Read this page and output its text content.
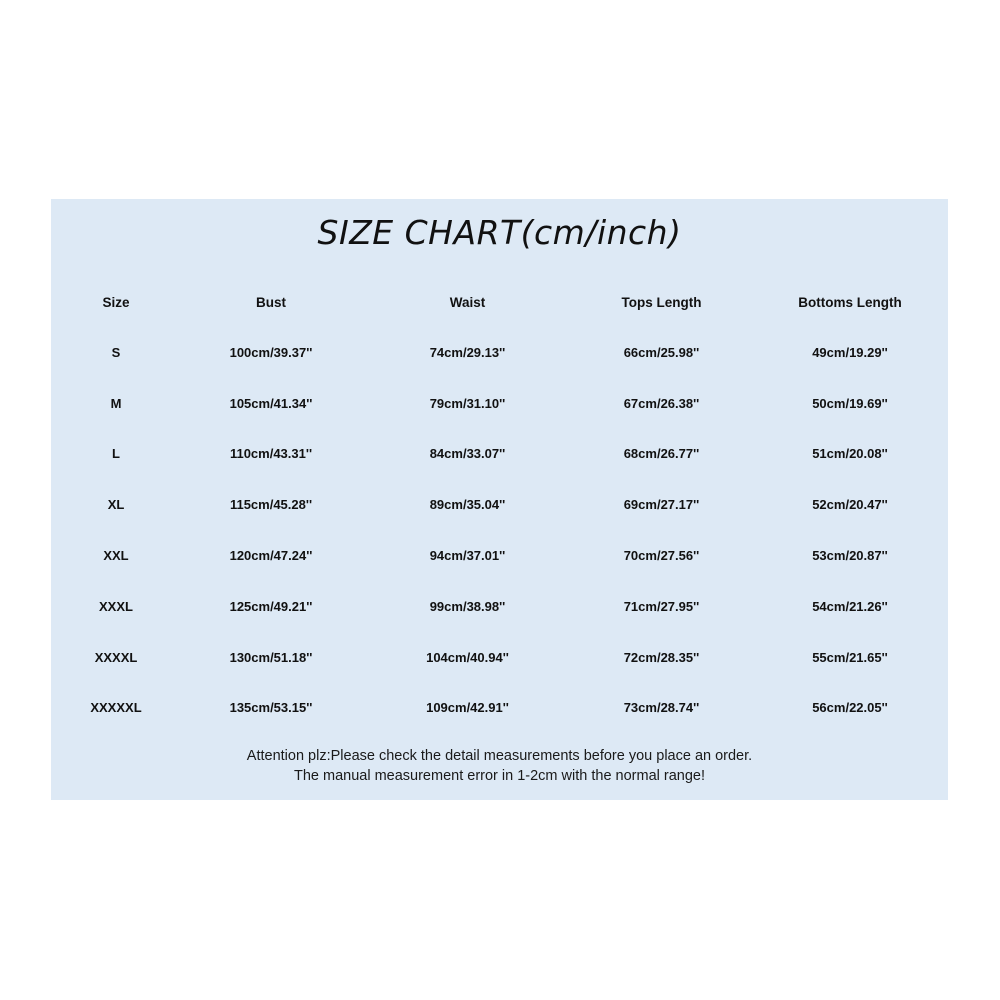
SIZE CHART(cm/inch)
Size	Bust	Waist	Tops Length	Bottoms Length
S	100cm/39.37''	74cm/29.13''	66cm/25.98''	49cm/19.29''
M	105cm/41.34''	79cm/31.10''	67cm/26.38''	50cm/19.69''
L	110cm/43.31''	84cm/33.07''	68cm/26.77''	51cm/20.08''
XL	115cm/45.28''	89cm/35.04''	69cm/27.17''	52cm/20.47''
XXL	120cm/47.24''	94cm/37.01''	70cm/27.56''	53cm/20.87''
XXXL	125cm/49.21''	99cm/38.98''	71cm/27.95''	54cm/21.26''
XXXXL	130cm/51.18''	104cm/40.94''	72cm/28.35''	55cm/21.65''
XXXXXL	135cm/53.15''	109cm/42.91''	73cm/28.74''	56cm/22.05''
Attention plz:Please check the detail measurements before you place an order.
The manual measurement error in 1-2cm with the normal range!
